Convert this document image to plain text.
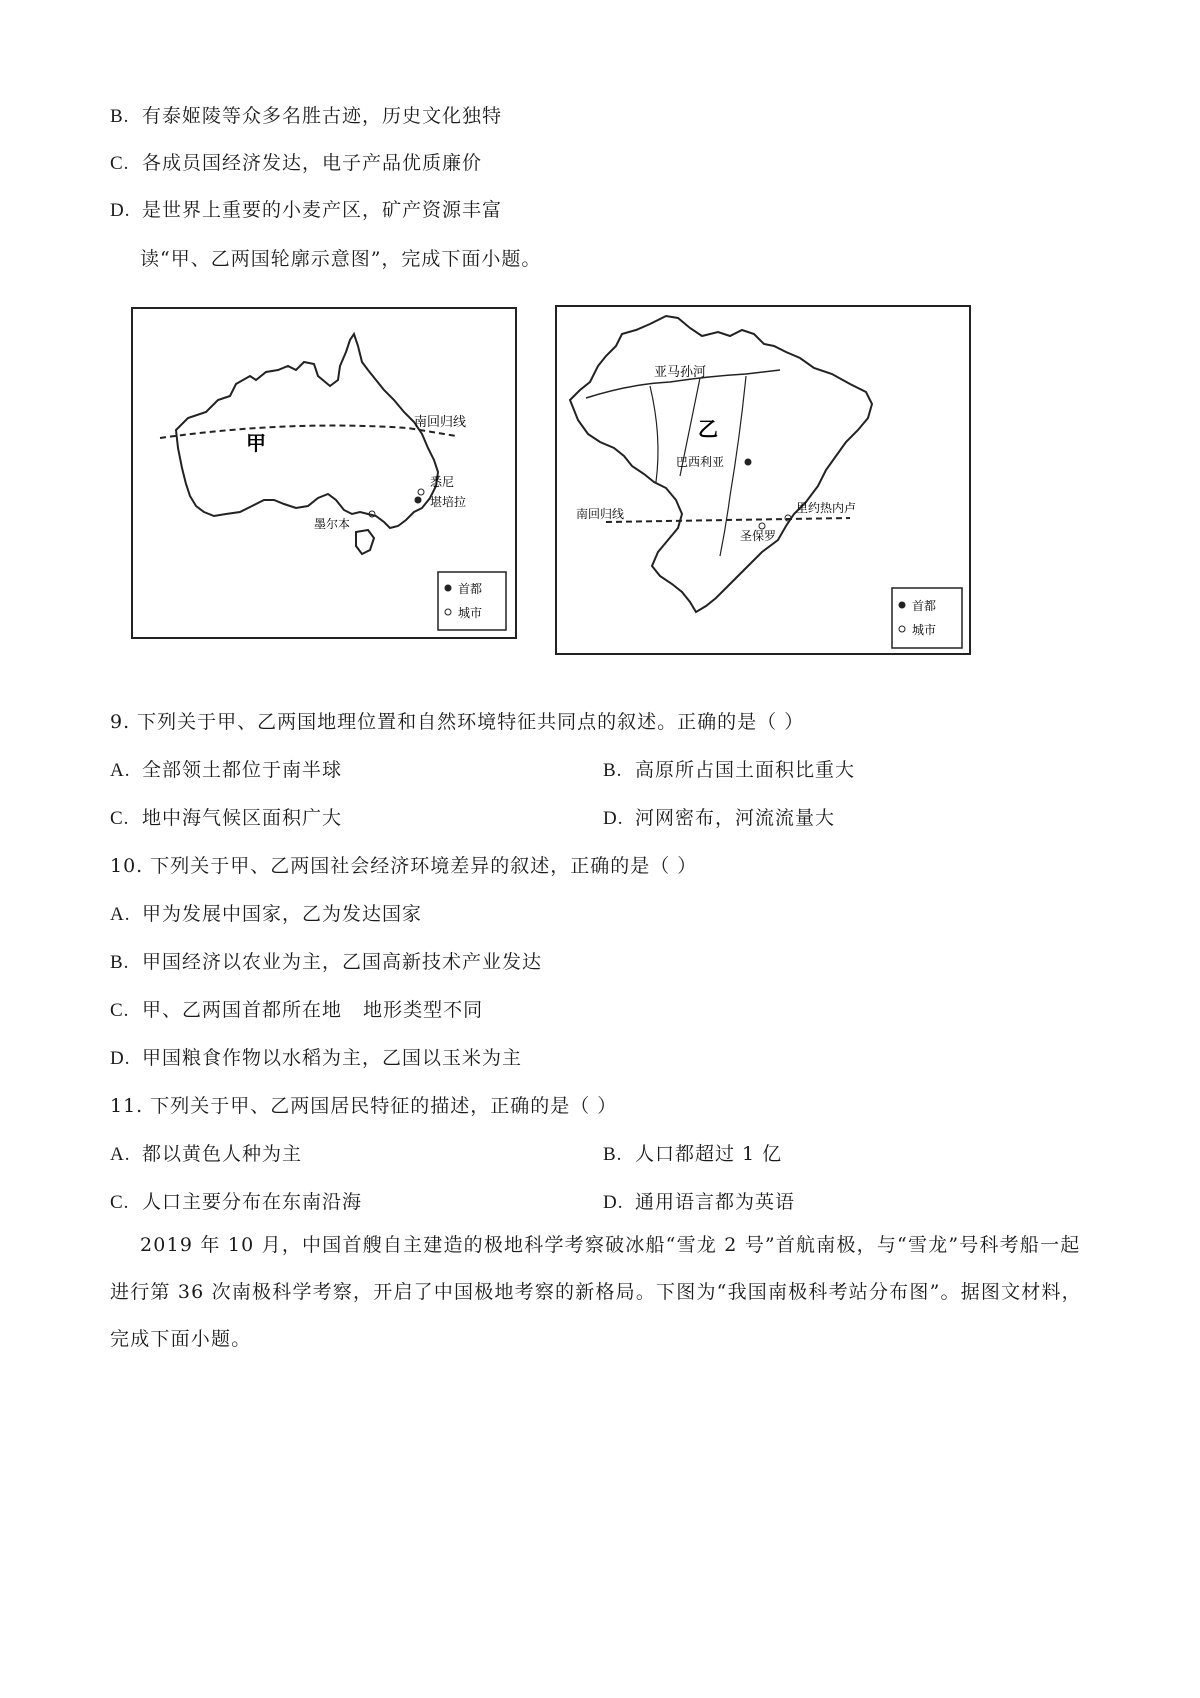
B. 有泰姬陵等众多名胜古迹，历史文化独特
C. 各成员国经济发达，电子产品优质廉价
D. 是世界上重要的小麦产区，矿产资源丰富
读“甲、乙两国轮廓示意图”，完成下面小题。
南回归线
甲
悉尼
堪培拉
墨尔本
首都
城市
亚马孙河
乙
巴西利亚
南回归线	里约热内卢
圣保罗
首都
城市
9. 下列关于甲、乙两国地理位置和自然环境特征共同点的叙述。正确的是（ ）
A. 全部领土都位于南半球	B. 高原所占国土面积比重大
C. 地中海气候区面积广大	D. 河网密布，河流流量大
10. 下列关于甲、乙两国社会经济环境差异的叙述，正确的是（ ）
A. 甲为发展中国家，乙为发达国家
B. 甲国经济以农业为主，乙国高新技术产业发达
C. 甲、乙两国首都所在地   地形类型不同
D. 甲国粮食作物以水稻为主，乙国以玉米为主
11. 下列关于甲、乙两国居民特征的描述，正确的是（ ）
A. 都以黄色人种为主	B. 人口都超过 1 亿
C. 人口主要分布在东南沿海	D. 通用语言都为英语

2019 年 10 月，中国首艘自主建造的极地科学考察破冰船“雪龙 2 号”首航南极，与“雪龙”号科考船一起进行第 36 次南极科学考察，开启了中国极地考察的新格局。下图为“我国南极科考站分布图”。据图文材料，完成下面小题。
